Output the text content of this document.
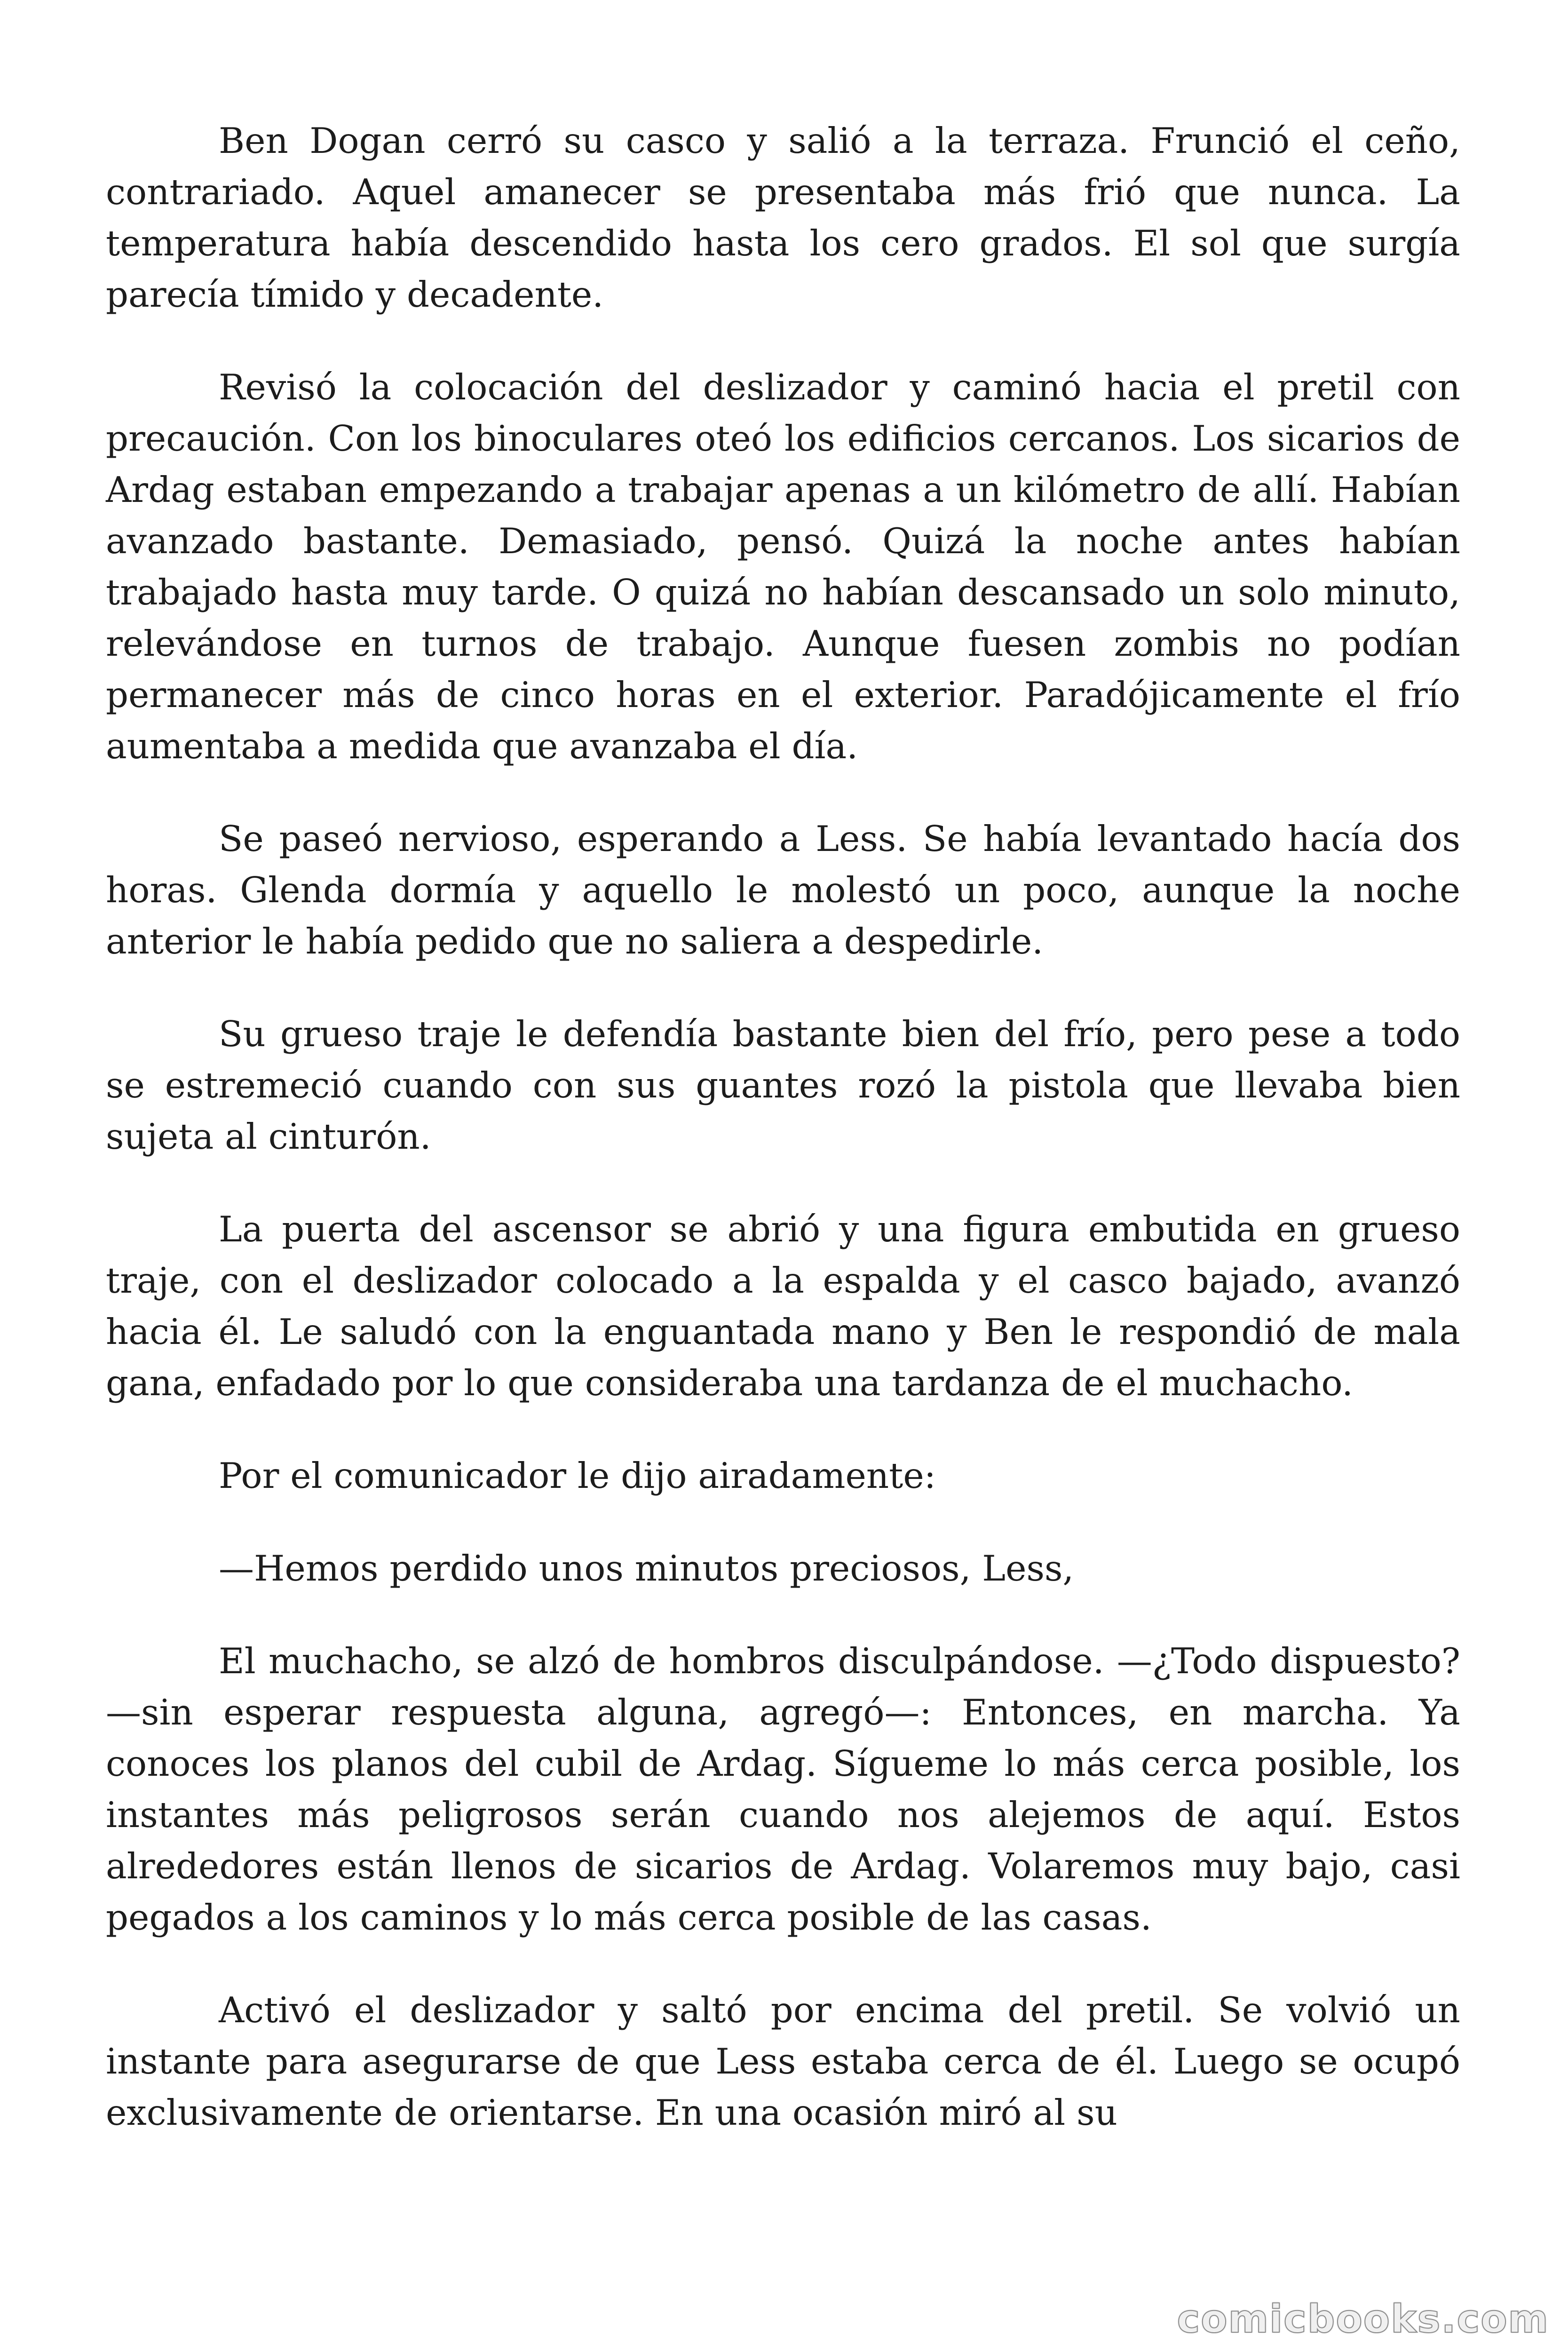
Ben Dogan cerró su casco y salió a la terraza. Frunció el ceño, contrariado. Aquel amanecer se presentaba más frió que nunca. La temperatura había descendido hasta los cero grados. El sol que surgía parecía tímido y decadente.

Revisó la colocación del deslizador y caminó hacia el pretil con precaución. Con los binoculares oteó los edificios cercanos. Los sicarios de Ardag estaban empezando a trabajar apenas a un kilómetro de allí. Habían avanzado bastante. Demasiado, pensó. Quizá la noche antes habían trabajado hasta muy tarde. O quizá no habían descansado un solo minuto, relevándose en turnos de trabajo. Aunque fuesen zombis no podían permanecer más de cinco horas en el exterior. Paradójicamente el frío aumentaba a medida que avanzaba el día.

Se paseó nervioso, esperando a Less. Se había levantado hacía dos horas. Glenda dormía y aquello le molestó un poco, aunque la noche anterior le había pedido que no saliera a despedirle.

Su grueso traje le defendía bastante bien del frío, pero pese a todo se estremeció cuando con sus guantes rozó la pistola que llevaba bien sujeta al cinturón.

La puerta del ascensor se abrió y una figura embutida en grueso traje, con el deslizador colocado a la espalda y el casco bajado, avanzó hacia él. Le saludó con la enguantada mano y Ben le respondió de mala gana, enfadado por lo que consideraba una tardanza de el muchacho.

Por el comunicador le dijo airadamente:

—Hemos perdido unos minutos preciosos, Less,

El muchacho, se alzó de hombros disculpándose. —¿Todo dispuesto? —sin esperar respuesta alguna, agregó—: Entonces, en marcha. Ya conoces los planos del cubil de Ardag. Sígueme lo más cerca posible, los instantes más peligrosos serán cuando nos alejemos de aquí. Estos alrededores están llenos de sicarios de Ardag. Volaremos muy bajo, casi pegados a los caminos y lo más cerca posible de las casas.

Activó el deslizador y saltó por encima del pretil. Se volvió un instante para asegurarse de que Less estaba cerca de él. Luego se ocupó exclusivamente de orientarse. En una ocasión miró al su

comicbooks.com
